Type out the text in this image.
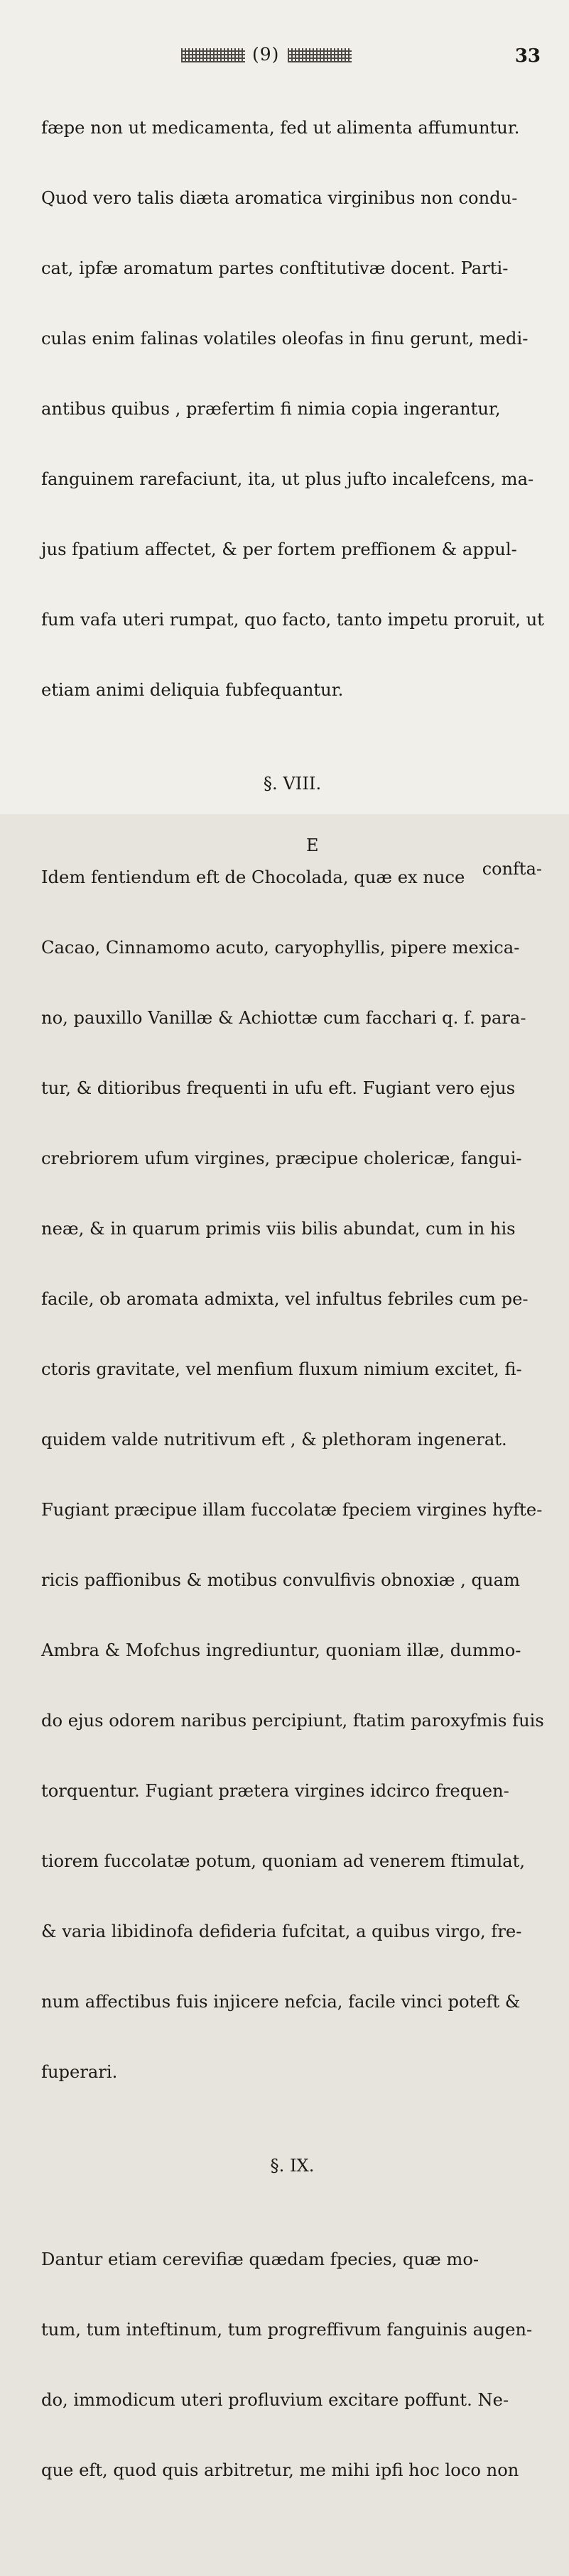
(9)	33

fæpe non ut medicamenta, fed ut alimenta affumuntur.

Quod vero talis diæta aromatica virginibus non condu-

cat, ipfæ aromatum partes conftitutivæ docent. Parti-

culas enim falinas volatiles oleofas in finu gerunt, medi-

antibus quibus , præfertim fi nimia copia ingerantur,

fanguinem rarefaciunt, ita, ut plus jufto incalefcens, ma-

jus fpatium affectet, & per fortem preffionem & appul-

fum vafa uteri rumpat, quo facto, tanto impetu proruit, ut

etiam animi deliquia fubfequantur.

§. VIII.

Idem fentiendum eft de Chocolada, quæ ex nuce

Cacao, Cinnamomo acuto, caryophyllis, pipere mexica-

no, pauxillo Vanillæ & Achiottæ cum facchari q. f. para-

tur, & ditioribus frequenti in ufu eft. Fugiant vero ejus

crebriorem ufum virgines, præcipue cholericæ, fangui-

neæ, & in quarum primis viis bilis abundat, cum in his

facile, ob aromata admixta, vel infultus febriles cum pe-

ctoris gravitate, vel menfium fluxum nimium excitet, fi-

quidem valde nutritivum eft , & plethoram ingenerat.

Fugiant præcipue illam fuccolatæ fpeciem virgines hyfte-

ricis paffionibus & motibus convulfivis obnoxiæ , quam

Ambra & Mofchus ingrediuntur, quoniam illæ, dummo-

do ejus odorem naribus percipiunt, ftatim paroxyfmis fuis

torquentur. Fugiant prætera virgines idcirco frequen-

tiorem fuccolatæ potum, quoniam ad venerem ftimulat,

& varia libidinofa defideria fufcitat, a quibus virgo, fre-

num affectibus fuis injicere nefcia, facile vinci poteft &

fuperari.

§. IX.

Dantur etiam cerevifiæ quædam fpecies, quæ mo-

tum, tum inteftinum, tum progreffivum fanguinis augen-

do, immodicum uteri profluvium excitare poffunt. Ne-

que eft, quod quis arbitretur, me mihi ipfi hoc loco non

E

confta-
